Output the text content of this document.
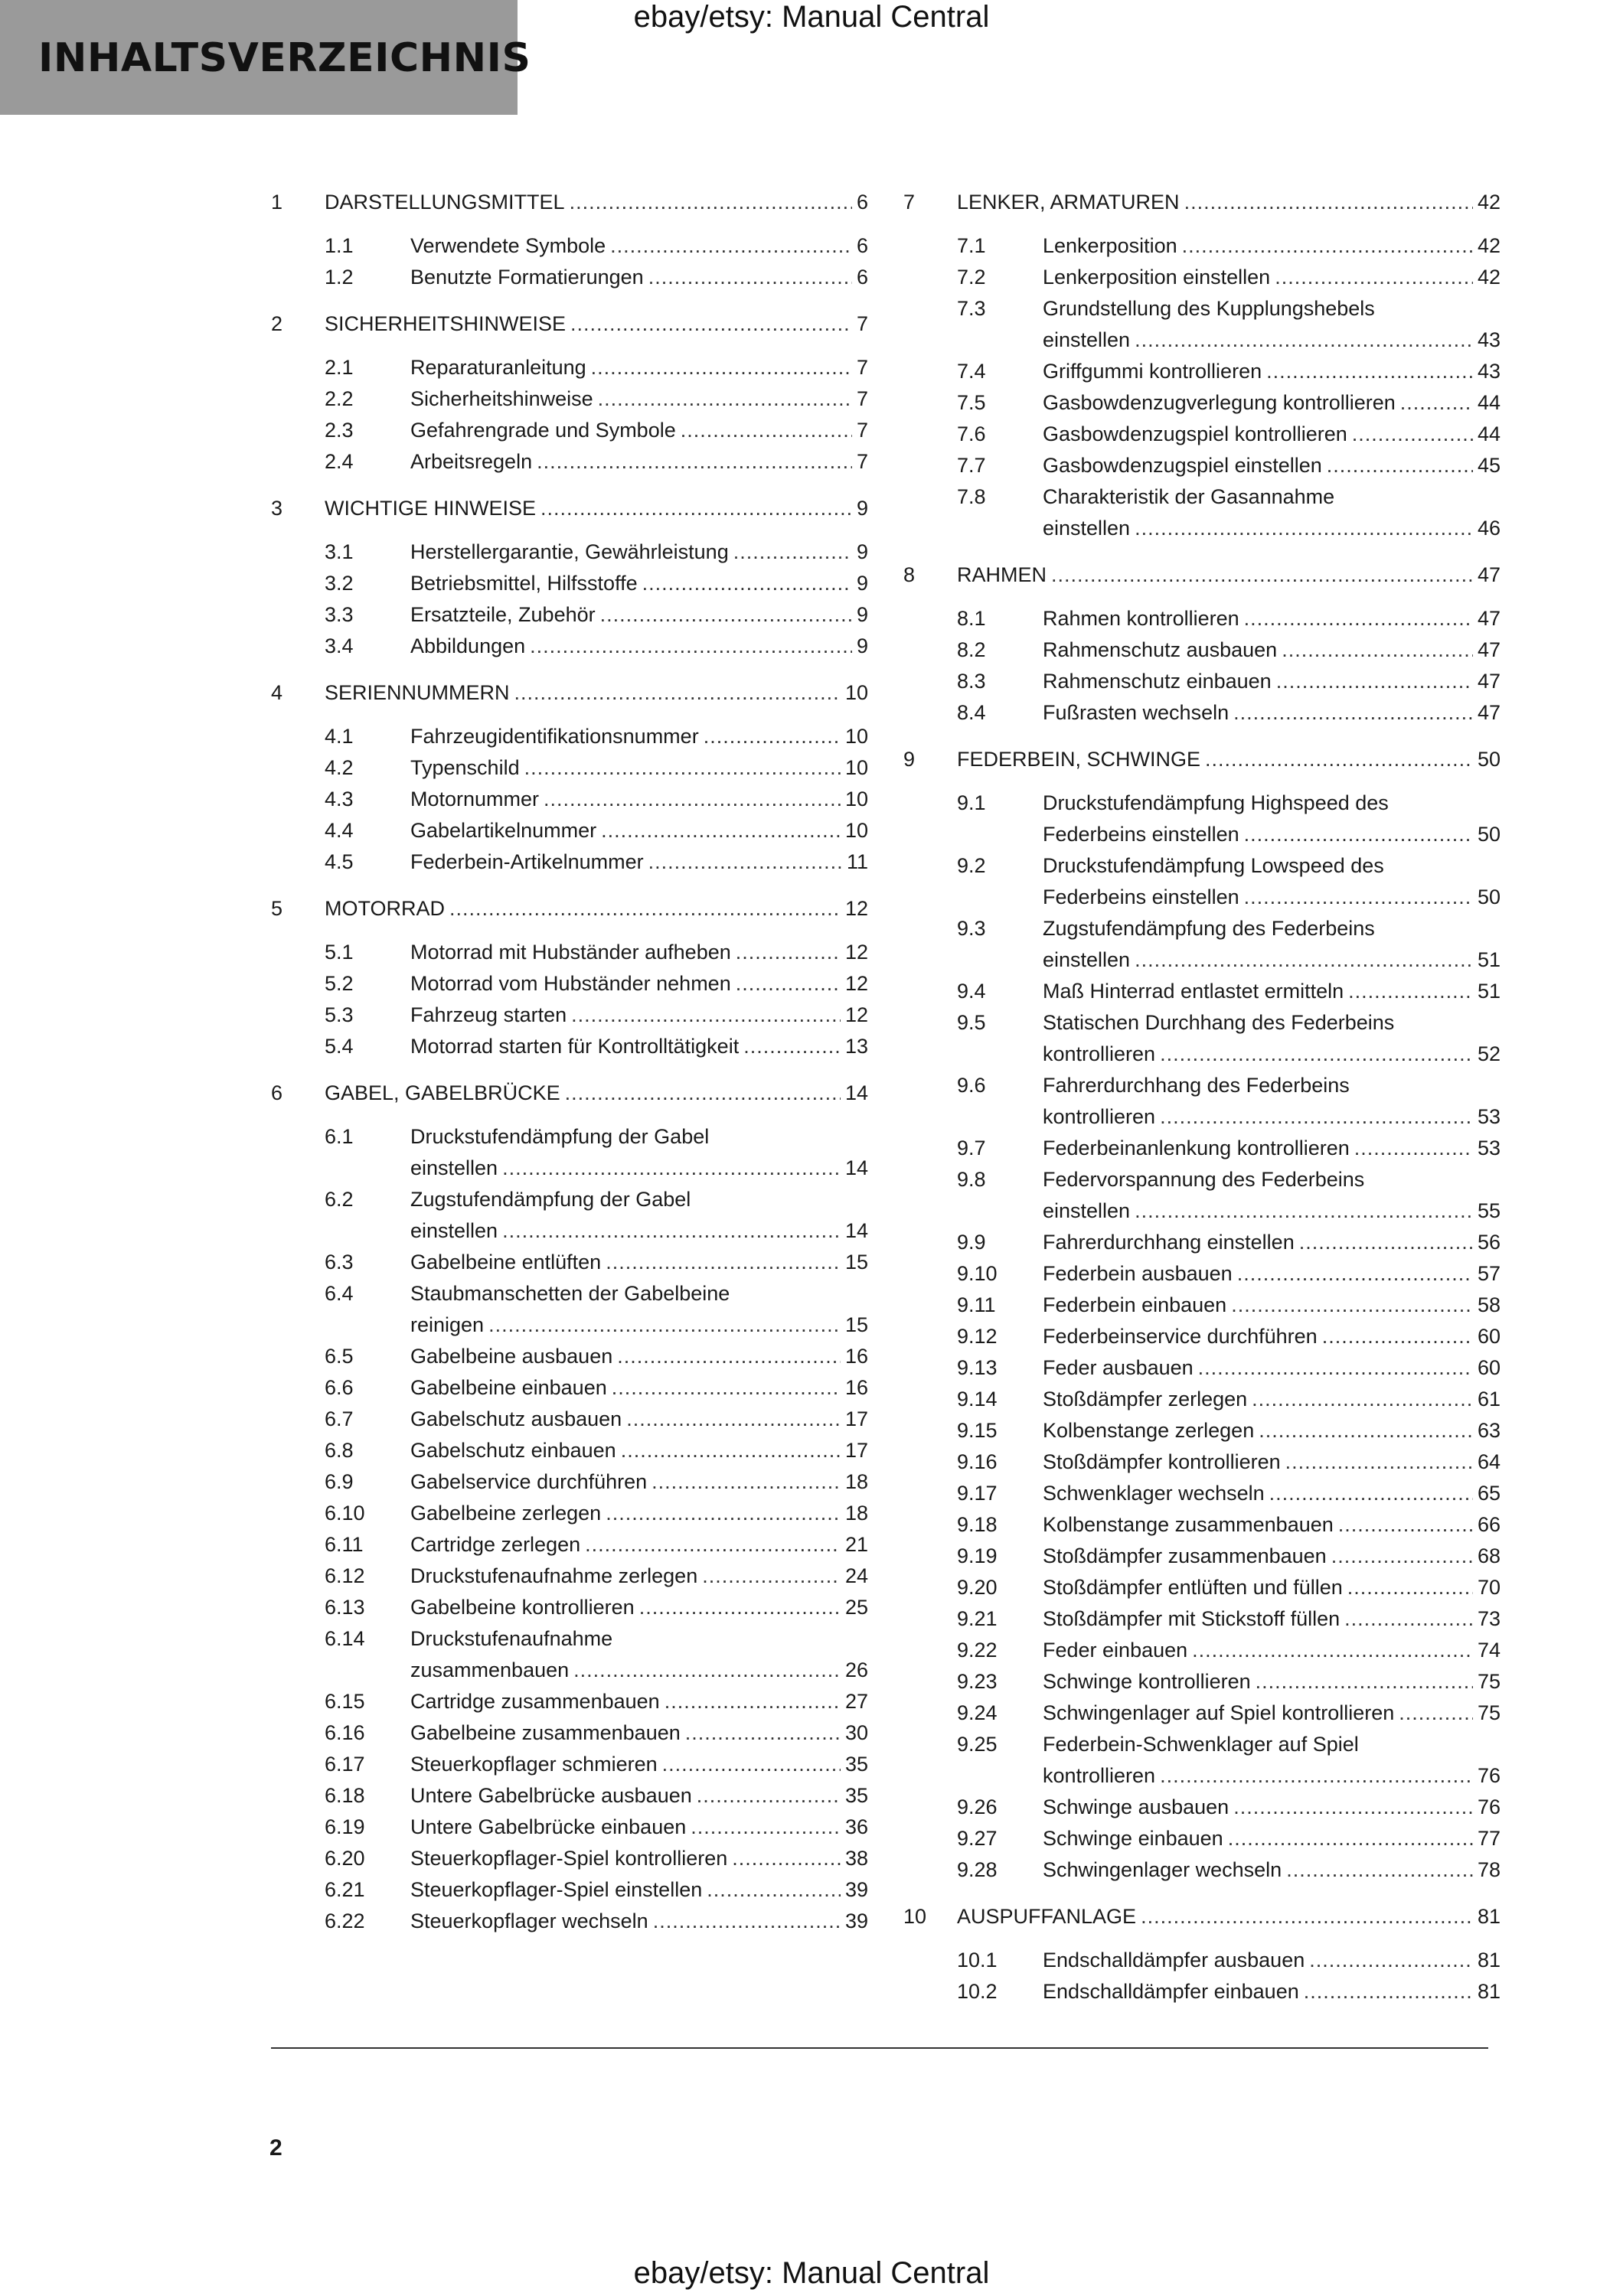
ebay/etsy: Manual Central
INHALTSVERZEICHNIS
1	DARSTELLUNGSMITTEL .....	6
1.1	Verwendete Symbole .....	6
1.2	Benutzte Formatierungen .....	6
2	SICHERHEITSHINWEISE .....	7
2.1	Reparaturanleitung .....	7
2.2	Sicherheitshinweise .....	7
2.3	Gefahrengrade und Symbole .....	7
2.4	Arbeitsregeln .....	7
3	WICHTIGE HINWEISE .....	9
3.1	Herstellergarantie, Gewährleistung .....	9
3.2	Betriebsmittel, Hilfsstoffe .....	9
3.3	Ersatzteile, Zubehör .....	9
3.4	Abbildungen .....	9
4	SERIENNUMMERN .....	10
4.1	Fahrzeugidentifikationsnummer .....	10
4.2	Typenschild .....	10
4.3	Motornummer .....	10
4.4	Gabelartikelnummer .....	10
4.5	Federbein-Artikelnummer .....	11
5	MOTORRAD .....	12
5.1	Motorrad mit Hubständer aufheben .....	12
5.2	Motorrad vom Hubständer nehmen .....	12
5.3	Fahrzeug starten .....	12
5.4	Motorrad starten für Kontrolltätigkeit .....	13
6	GABEL, GABELBRÜCKE .....	14
6.1	Druckstufendämpfung der Gabel
einstellen .....	14
6.2	Zugstufendämpfung der Gabel
einstellen .....	14
6.3	Gabelbeine entlüften .....	15
6.4	Staubmanschetten der Gabelbeine
reinigen .....	15
6.5	Gabelbeine ausbauen .....	16
6.6	Gabelbeine einbauen .....	16
6.7	Gabelschutz ausbauen .....	17
6.8	Gabelschutz einbauen .....	17
6.9	Gabelservice durchführen .....	18
6.10	Gabelbeine zerlegen .....	18
6.11	Cartridge zerlegen .....	21
6.12	Druckstufenaufnahme zerlegen .....	24
6.13	Gabelbeine kontrollieren .....	25
6.14	Druckstufenaufnahme
zusammenbauen .....	26
6.15	Cartridge zusammenbauen .....	27
6.16	Gabelbeine zusammenbauen .....	30
6.17	Steuerkopflager schmieren .....	35
6.18	Untere Gabelbrücke ausbauen .....	35
6.19	Untere Gabelbrücke einbauen .....	36
6.20	Steuerkopflager-Spiel kontrollieren .....	38
6.21	Steuerkopflager-Spiel einstellen .....	39
6.22	Steuerkopflager wechseln .....	39
7	LENKER, ARMATUREN .....	42
7.1	Lenkerposition .....	42
7.2	Lenkerposition einstellen .....	42
7.3	Grundstellung des Kupplungshebels
einstellen .....	43
7.4	Griffgummi kontrollieren .....	43
7.5	Gasbowdenzugverlegung kontrollieren .....	44
7.6	Gasbowdenzugspiel kontrollieren .....	44
7.7	Gasbowdenzugspiel einstellen .....	45
7.8	Charakteristik der Gasannahme
einstellen .....	46
8	RAHMEN .....	47
8.1	Rahmen kontrollieren .....	47
8.2	Rahmenschutz ausbauen .....	47
8.3	Rahmenschutz einbauen .....	47
8.4	Fußrasten wechseln .....	47
9	FEDERBEIN, SCHWINGE .....	50
9.1	Druckstufendämpfung Highspeed des
Federbeins einstellen .....	50
9.2	Druckstufendämpfung Lowspeed des
Federbeins einstellen .....	50
9.3	Zugstufendämpfung des Federbeins
einstellen .....	51
9.4	Maß Hinterrad entlastet ermitteln .....	51
9.5	Statischen Durchhang des Federbeins
kontrollieren .....	52
9.6	Fahrerdurchhang des Federbeins
kontrollieren .....	53
9.7	Federbeinanlenkung kontrollieren .....	53
9.8	Federvorspannung des Federbeins
einstellen .....	55
9.9	Fahrerdurchhang einstellen .....	56
9.10	Federbein ausbauen .....	57
9.11	Federbein einbauen .....	58
9.12	Federbeinservice durchführen .....	60
9.13	Feder ausbauen .....	60
9.14	Stoßdämpfer zerlegen .....	61
9.15	Kolbenstange zerlegen .....	63
9.16	Stoßdämpfer kontrollieren .....	64
9.17	Schwenklager wechseln .....	65
9.18	Kolbenstange zusammenbauen .....	66
9.19	Stoßdämpfer zusammenbauen .....	68
9.20	Stoßdämpfer entlüften und füllen .....	70
9.21	Stoßdämpfer mit Stickstoff füllen .....	73
9.22	Feder einbauen .....	74
9.23	Schwinge kontrollieren .....	75
9.24	Schwingenlager auf Spiel kontrollieren .....	75
9.25	Federbein-Schwenklager auf Spiel
kontrollieren .....	76
9.26	Schwinge ausbauen .....	76
9.27	Schwinge einbauen .....	77
9.28	Schwingenlager wechseln .....	78
10	AUSPUFFANLAGE .....	81
10.1	Endschalldämpfer ausbauen .....	81
10.2	Endschalldämpfer einbauen .....	81
2
ebay/etsy: Manual Central
